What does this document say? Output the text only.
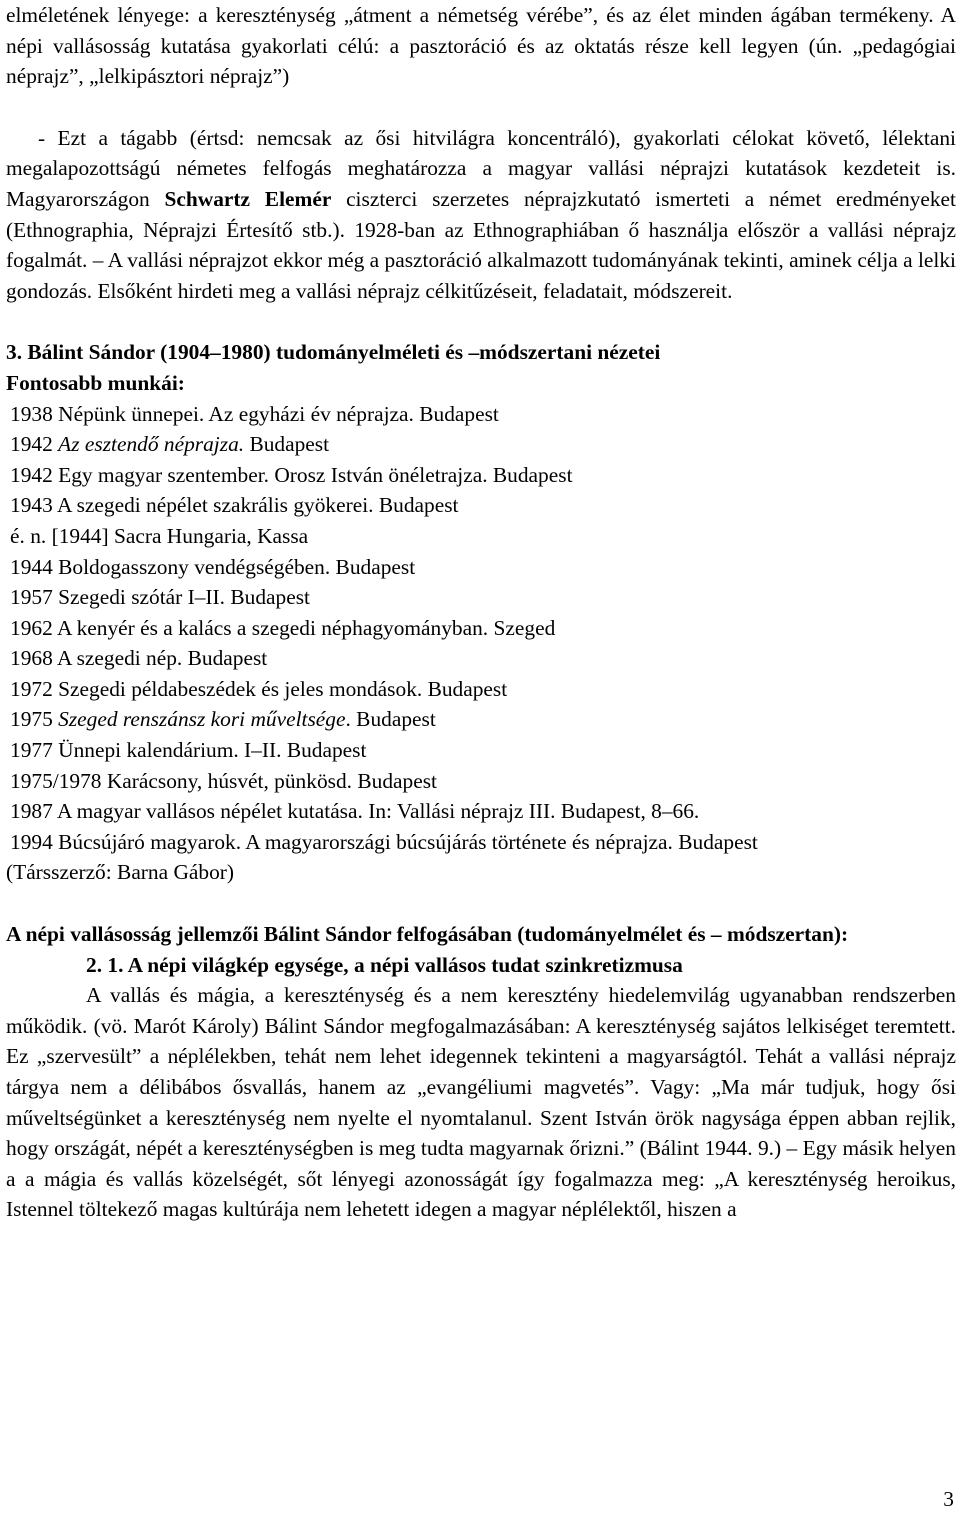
elméletének lényege: a kereszténység „átment a németség vérébe”, és az élet minden ágában termékeny. A népi vallásosság kutatása gyakorlati célú: a pasztoráció és az oktatás része kell legyen (ún. „pedagógiai néprajz”, „lelkipásztori néprajz”)

- Ezt a tágabb (értsd: nemcsak az ősi hitvilágra koncentráló), gyakorlati célokat követő, lélektani megalapozottságú németes felfogás meghatározza a magyar vallási néprajzi kutatások kezdeteit is. Magyarországon Schwartz Elemér ciszterci szerzetes néprajzkutató ismerteti a német eredményeket (Ethnographia, Néprajzi Értesítő stb.). 1928-ban az Ethnographiában ő használja először a vallási néprajz fogalmát. – A vallási néprajzot ekkor még a pasztoráció alkalmazott tudományának tekinti, aminek célja a lelki gondozás. Elsőként hirdeti meg a vallási néprajz célkitűzéseit, feladatait, módszereit.

3. Bálint Sándor (1904–1980) tudományelméleti és –módszertani nézetei

Fontosabb munkái:

1938 Népünk ünnepei. Az egyházi év néprajza. Budapest
1942 Az esztendő néprajza. Budapest
1942 Egy magyar szentember. Orosz István önéletrajza. Budapest
1943 A szegedi népélet szakrális gyökerei. Budapest
é. n. [1944] Sacra Hungaria, Kassa
1944 Boldogasszony vendégségében. Budapest
1957 Szegedi szótár I–II. Budapest
1962 A kenyér és a kalács a szegedi néphagyományban. Szeged
1968 A szegedi nép. Budapest
1972 Szegedi példabeszédek és jeles mondások. Budapest
1975 Szeged renszánsz kori műveltsége. Budapest
1977 Ünnepi kalendárium. I–II. Budapest
1975/1978 Karácsony, húsvét, pünkösd. Budapest
1987 A magyar vallásos népélet kutatása. In: Vallási néprajz III. Budapest, 8–66.
1994 Búcsújáró magyarok. A magyarországi búcsújárás története és néprajza. Budapest

(Társszerző: Barna Gábor)

A népi vallásosság jellemzői Bálint Sándor felfogásában (tudományelmélet és – módszertan):

2. 1. A népi világkép egysége, a népi vallásos tudat szinkretizmusa

A vallás és mágia, a kereszténység és a nem keresztény hiedelemvilág ugyanabban rendszerben működik. (vö. Marót Károly) Bálint Sándor megfogalmazásában: A kereszténység sajátos lelkiséget teremtett. Ez „szervesült” a néplélekben, tehát nem lehet idegennek tekinteni a magyarságtól. Tehát a vallási néprajz tárgya nem a délibábos ősvallás, hanem az „evangéliumi magvetés”. Vagy: „Ma már tudjuk, hogy ősi műveltségünket a kereszténység nem nyelte el nyomtalanul. Szent István örök nagysága éppen abban rejlik, hogy országát, népét a kereszténységben is meg tudta magyarnak őrizni.” (Bálint 1944. 9.) – Egy másik helyen a a mágia és vallás közelségét, sőt lényegi azonosságát így fogalmazza meg: „A kereszténység heroikus, Istennel töltekező magas kultúrája nem lehetett idegen a magyar néplélektől, hiszen a

3
